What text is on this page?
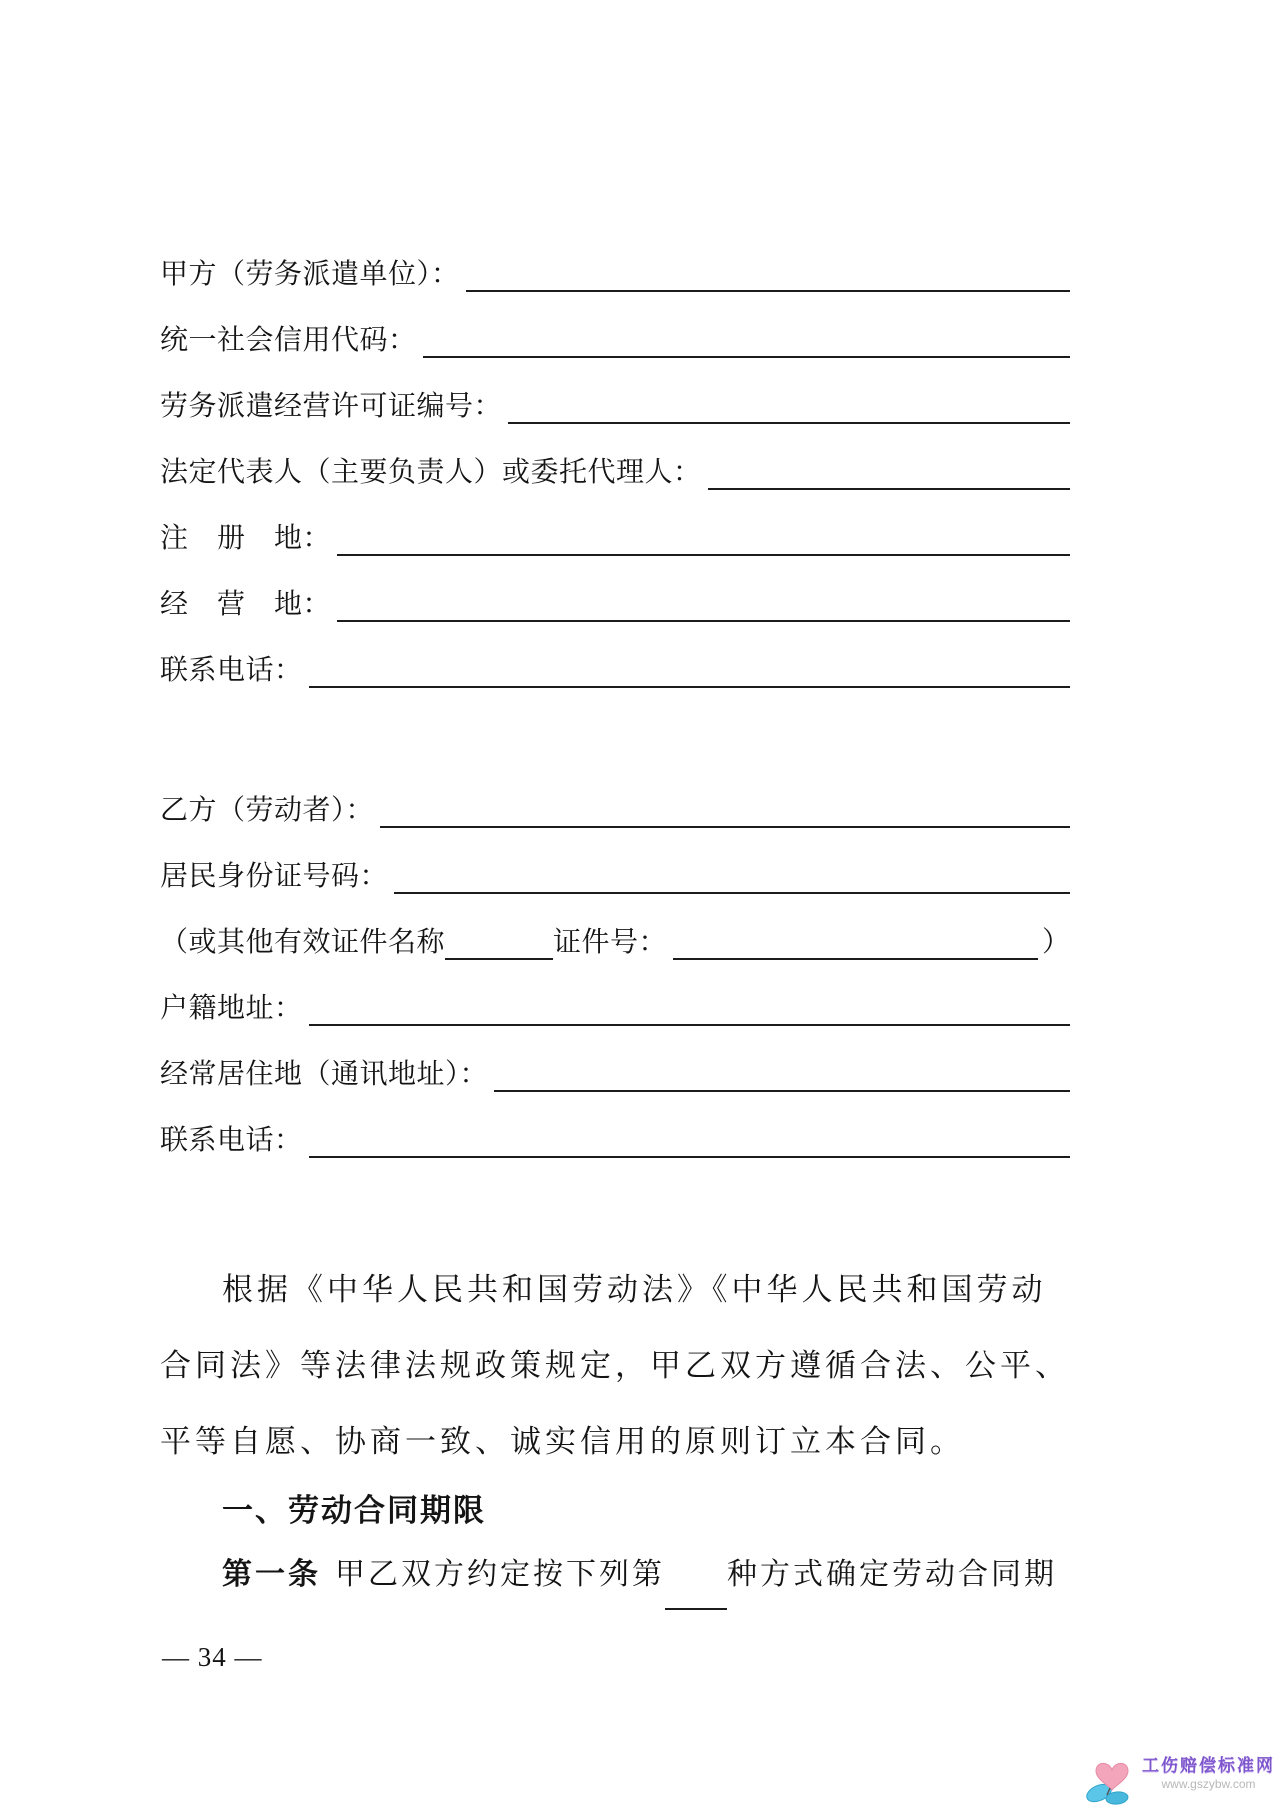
甲方（劳务派遣单位）：
统一社会信用代码：
劳务派遣经营许可证编号：
法定代表人（主要负责人）或委托代理人：
注　册　地：
经　营　地：
联系电话：
乙方（劳动者）：
居民身份证号码：
（或其他有效证件名称	证件号：	）
户籍地址：
经常居住地（通讯地址）：
联系电话：
根据《中华人民共和国劳动法》《中华人民共和国劳动
合同法》等法律法规政策规定，甲乙双方遵循合法、公平、
平等自愿、协商一致、诚实信用的原则订立本合同。
一、劳动合同期限
第一条 甲乙双方约定按下列第 种方式确定劳动合同期
— 34 —
工伤赔偿标准网
www.gszybw.com
